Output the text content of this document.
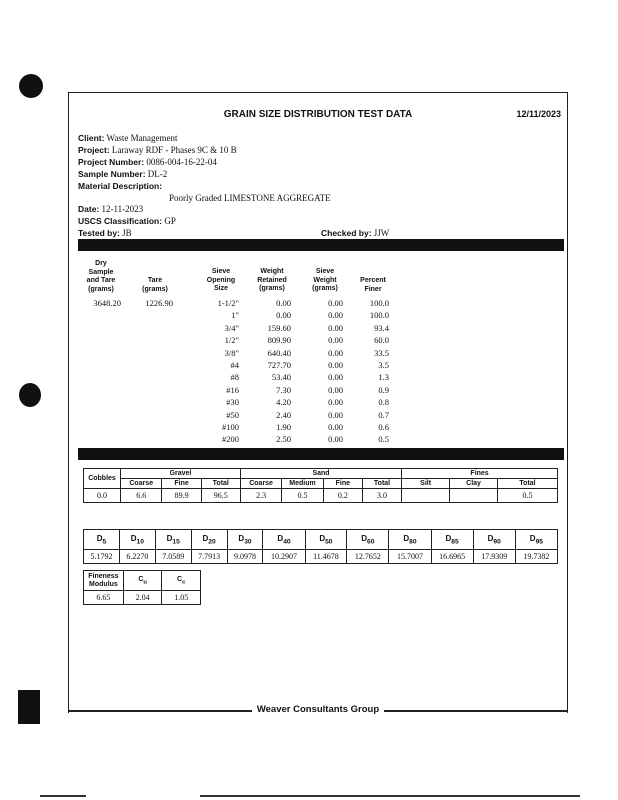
GRAIN SIZE DISTRIBUTION TEST DATA	12/11/2023
Client: Waste Management
Project: Laraway RDF - Phases 9C & 10 B
Project Number: 0086-004-16-22-04
Sample Number: DL-2
Material Description:
Poorly Graded LIMESTONE AGGREGATE
Date: 12-11-2023
USCS Classification: GP
Tested by: JB	Checked by: JJW
Dry
Sample
and Tare
(grams)
Tare
(grams)
Sieve
Opening
Size
Weight
Retained
(grams)
Sieve
Weight
(grams)
Percent
Finer
3648.20	1226.90	1-1/2"	0.00	0.00	100.0
1"	0.00	0.00	100.0
3/4"	159.60	0.00	93.4
1/2"	809.90	0.00	60.0
3/8"	640.40	0.00	33.5
#4	727.70	0.00	3.5
#8	53.40	0.00	1.3
#16	7.30	0.00	0.9
#30	4.20	0.00	0.8
#50	2.40	0.00	0.7
#100	1.90	0.00	0.6
#200	2.50	0.00	0.5
Cobbles	Gravel			Sand				Fines		
	Coarse	Fine	Total	Coarse	Medium	Fine	Total	Silt	Clay	Total
0.0	6.6	89.9	96.5	2.3	0.5	0.2	3.0			0.5
$D_5$	$D_{10}$	$D_{15}$	$D_{20}$	$D_{30}$	$D_{40}$	$D_{50}$	$D_{60}$	$D_{80}$	$D_{85}$	$D_{90}$	$D_{95}$
5.1792	6.2270	7.0589	7.7913	9.0978	10.2907	11.4678	12.7652	15.7007	16.6965	17.9309	19.7382
Fineness
Modulus	$C_u$	$C_c$
6.65	2.04	1.05
Weaver Consultants Group
